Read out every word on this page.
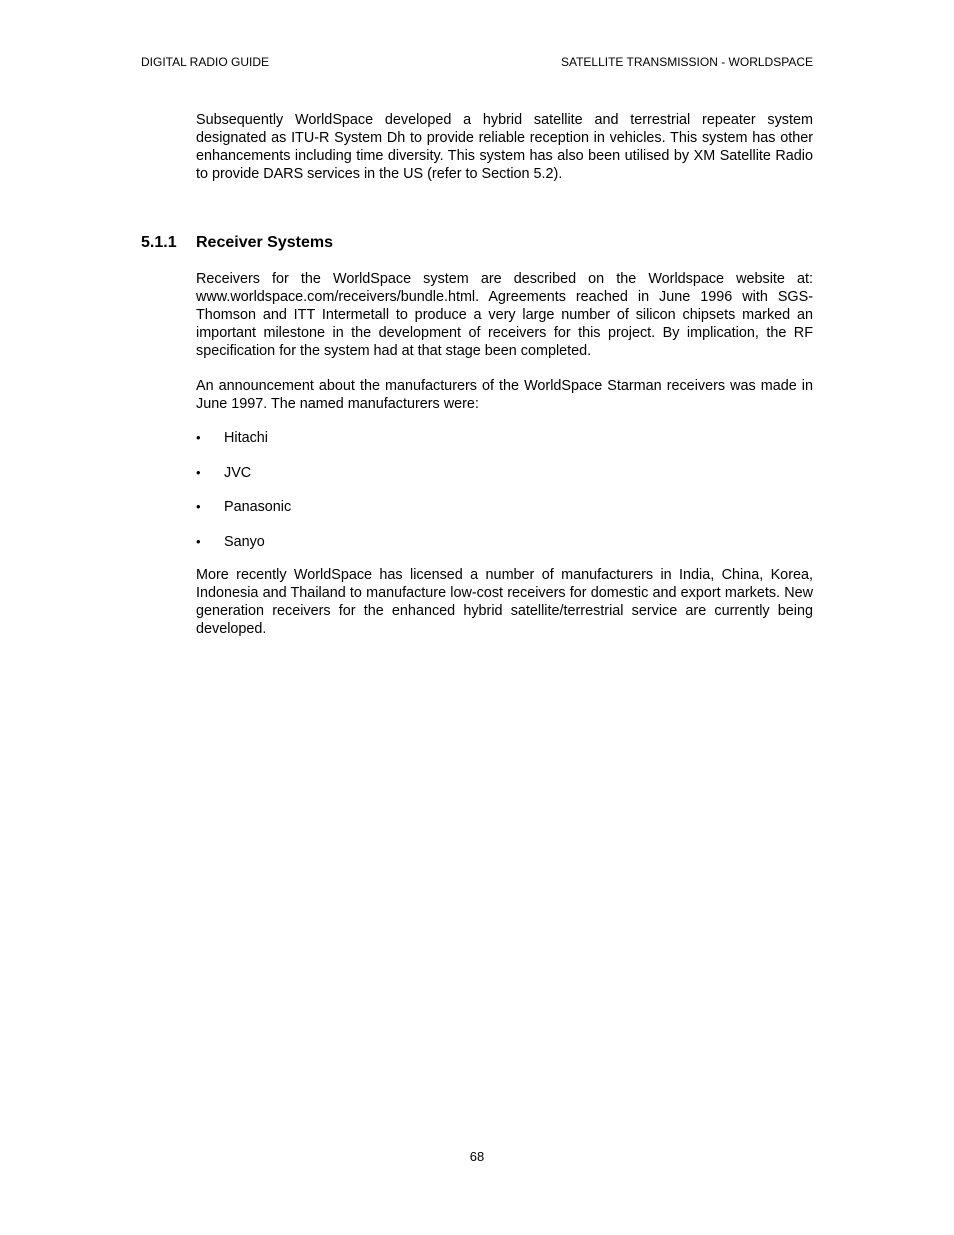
DIGITAL RADIO GUIDE	SATELLITE TRANSMISSION - WORLDSPACE

Subsequently WorldSpace developed a hybrid satellite and terrestrial repeater system designated as ITU-R System Dh to provide reliable reception in vehicles. This system has other enhancements including time diversity. This system has also been utilised by XM Satellite Radio to provide DARS services in the US (refer to Section 5.2).

5.1.1 Receiver Systems

Receivers for the WorldSpace system are described on the Worldspace website at: www.worldspace.com/receivers/bundle.html. Agreements reached in June 1996 with SGS-Thomson and ITT Intermetall to produce a very large number of silicon chipsets marked an important milestone in the development of receivers for this project. By implication, the RF specification for the system had at that stage been completed.

An announcement about the manufacturers of the WorldSpace Starman receivers was made in June 1997. The named manufacturers were:

• Hitachi
• JVC
• Panasonic
• Sanyo

More recently WorldSpace has licensed a number of manufacturers in India, China, Korea, Indonesia and Thailand to manufacture low-cost receivers for domestic and export markets. New generation receivers for the enhanced hybrid satellite/terrestrial service are currently being developed.

68
